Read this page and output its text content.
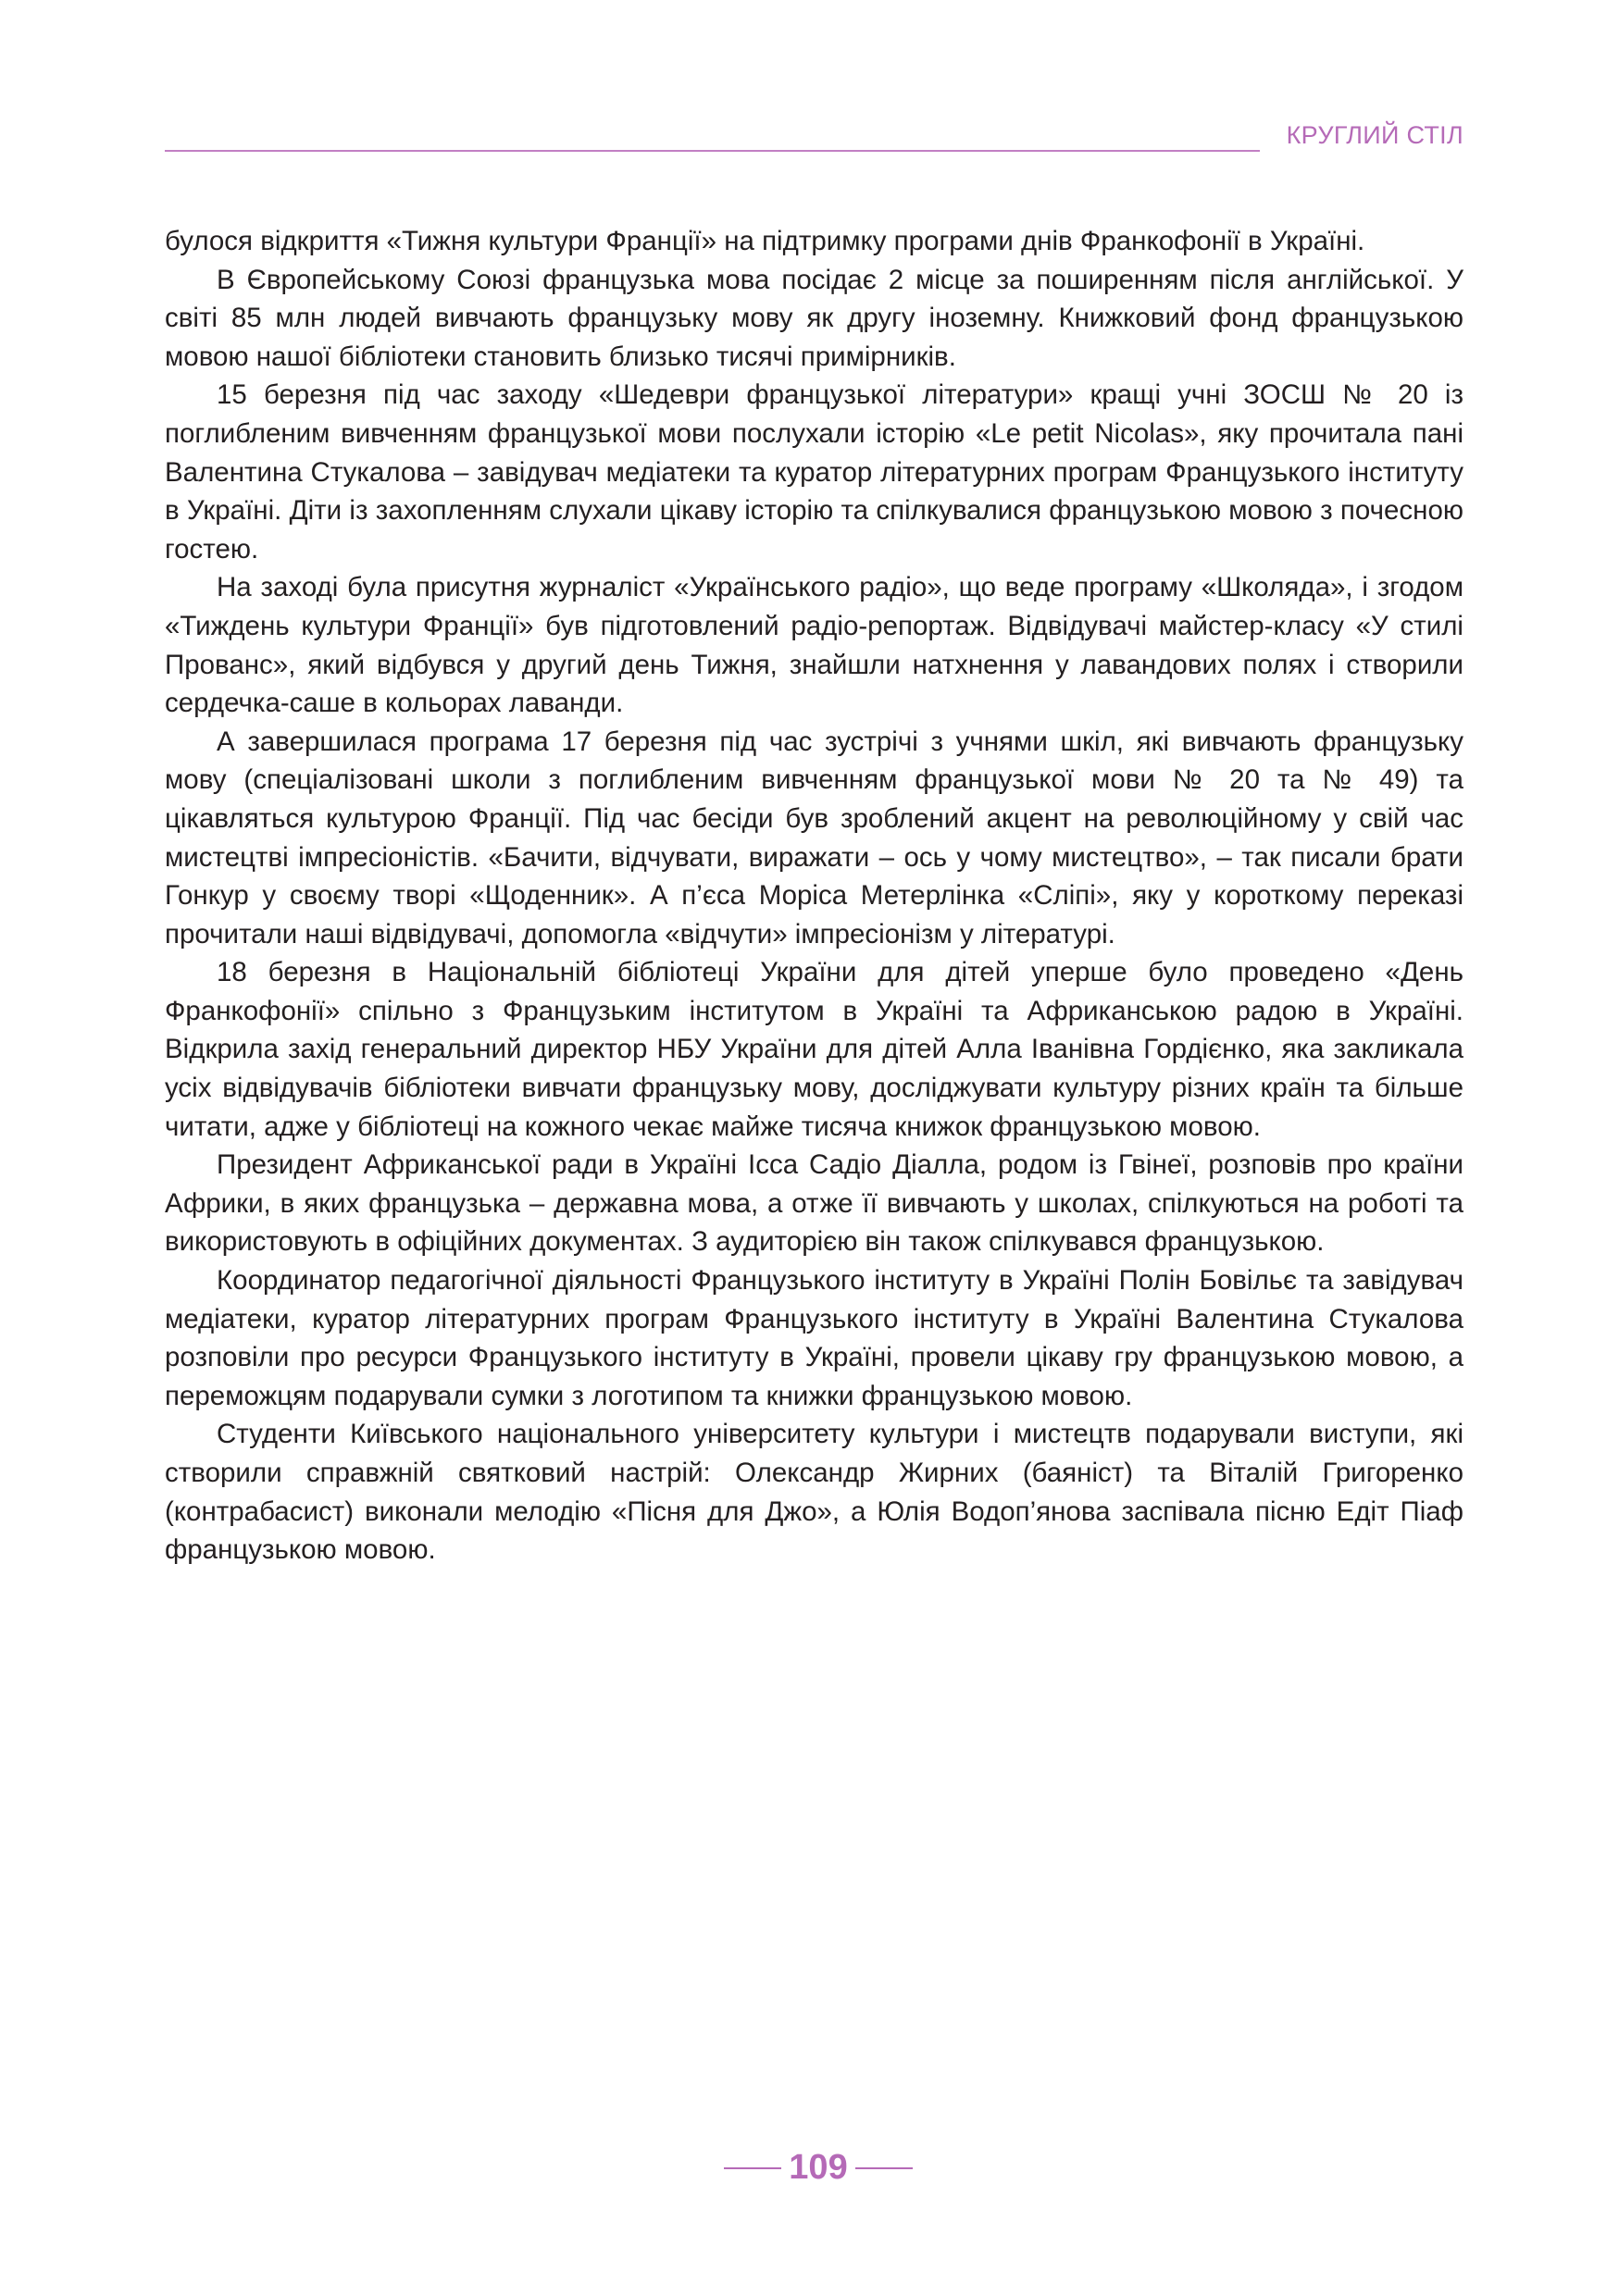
КРУГЛИЙ СТІЛ

булося відкриття «Тижня культури Франції» на підтримку програми днів Франкофонії в Україні.

В Європейському Союзі французька мова посідає 2 місце за поширенням після англійської. У світі 85 млн людей вивчають французьку мову як другу іноземну. Книжковий фонд французькою мовою нашої бібліотеки становить близько тисячі примірників.

15 березня під час заходу «Шедеври французької літератури» кращі учні ЗОСШ № 20 із поглибленим вивченням французької мови послухали історію «Le petit Nicolas», яку прочитала пані Валентина Стукалова – завідувач медіатеки та куратор літературних програм Французького інституту в Україні. Діти із захопленням слухали цікаву історію та спілкувалися французькою мовою з почесною гостею.

На заході була присутня журналіст «Українського радіо», що веде програму «Школяда», і згодом «Тиждень культури Франції» був підготовлений радіо-репортаж. Відвідувачі майстер-класу «У стилі Прованс», який відбувся у другий день Тижня, знайшли натхнення у лавандових полях і створили сердечка-саше в кольорах лаванди.

А завершилася програма 17 березня під час зустрічі з учнями шкіл, які вивчають французьку мову (спеціалізовані школи з поглибленим вивченням французької мови № 20 та № 49) та цікавляться культурою Франції. Під час бесіди був зроблений акцент на революційному у свій час мистецтві імпресіоністів. «Бачити, відчувати, виражати – ось у чому мистецтво», – так писали брати Гонкур у своєму творі «Щоденник». А п’єса Моріса Метерлінка «Сліпі», яку у короткому переказі прочитали наші відвідувачі, допомогла «відчути» імпресіонізм у літературі.

18 березня в Національній бібліотеці України для дітей уперше було проведено «День Франкофонії» спільно з Французьким інститутом в Україні та Африканською радою в Україні. Відкрила захід генеральний директор НБУ України для дітей Алла Іванівна Гордієнко, яка закликала усіх відвідувачів бібліотеки вивчати французьку мову, досліджувати культуру різних країн та більше читати, адже у бібліотеці на кожного чекає майже тисяча книжок французькою мовою.

Президент Африканської ради в Україні Ісса Садіо Діалла, родом із Гвінеї, розповів про країни Африки, в яких французька – державна мова, а отже її вивчають у школах, спілкуються на роботі та використовують в офіційних документах. З аудиторією він також спілкувався французькою.

Координатор педагогічної діяльності Французького інституту в Україні Полін Бовільє та завідувач медіатеки, куратор літературних програм Французького інституту в Україні Валентина Стукалова розповіли про ресурси Французького інституту в Україні, провели цікаву гру французькою мовою, а переможцям подарували сумки з логотипом та книжки французькою мовою.

Студенти Київського національного університету культури і мистецтв подарували виступи, які створили справжній святковий настрій: Олександр Жирних (баяніст) та Віталій Григоренко (контрабасист) виконали мелодію «Пісня для Джо», а Юлія Водоп’янова заспівала пісню Едіт Піаф французькою мовою.

109
